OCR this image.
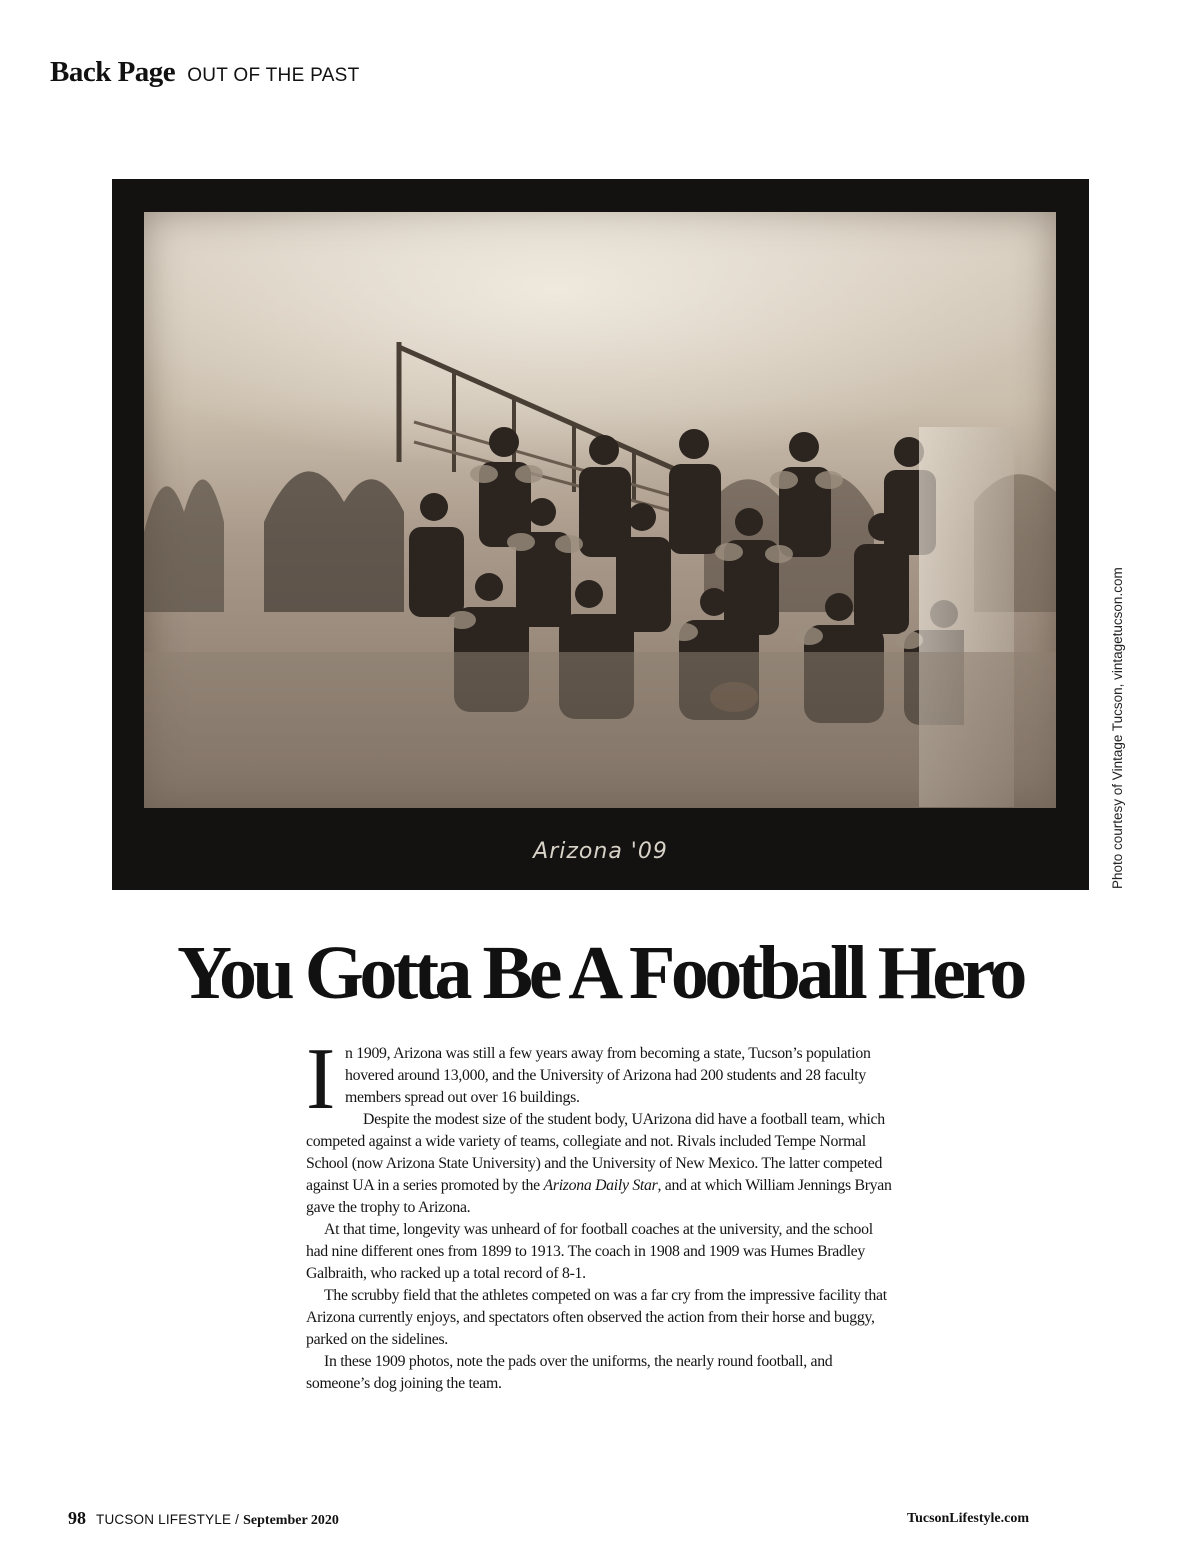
Back Page OUT OF THE PAST
Arizona '09	Photo courtesy of Vintage Tucson, vintagetucson.com
You Gotta Be A Football Hero

In 1909, Arizona was still a few years away from becoming a state, Tucson’s population hovered around 13,000, and the University of Arizona had 200 students and 28 faculty members spread out over 16 buildings.

Despite the modest size of the student body, UArizona did have a football team, which competed against a wide variety of teams, collegiate and not. Rivals included Tempe Normal School (now Arizona State University) and the University of New Mexico. The latter competed against UA in a series promoted by the Arizona Daily Star, and at which William Jennings Bryan gave the trophy to Arizona.

At that time, longevity was unheard of for football coaches at the university, and the school had nine different ones from 1899 to 1913. The coach in 1908 and 1909 was Humes Bradley Galbraith, who racked up a total record of 8-1.

The scrubby field that the athletes competed on was a far cry from the impressive facility that Arizona currently enjoys, and spectators often observed the action from their horse and buggy, parked on the sidelines.

In these 1909 photos, note the pads over the uniforms, the nearly round football, and someone’s dog joining the team.

98 TUCSON LIFESTYLE / September 2020	TucsonLifestyle.com
